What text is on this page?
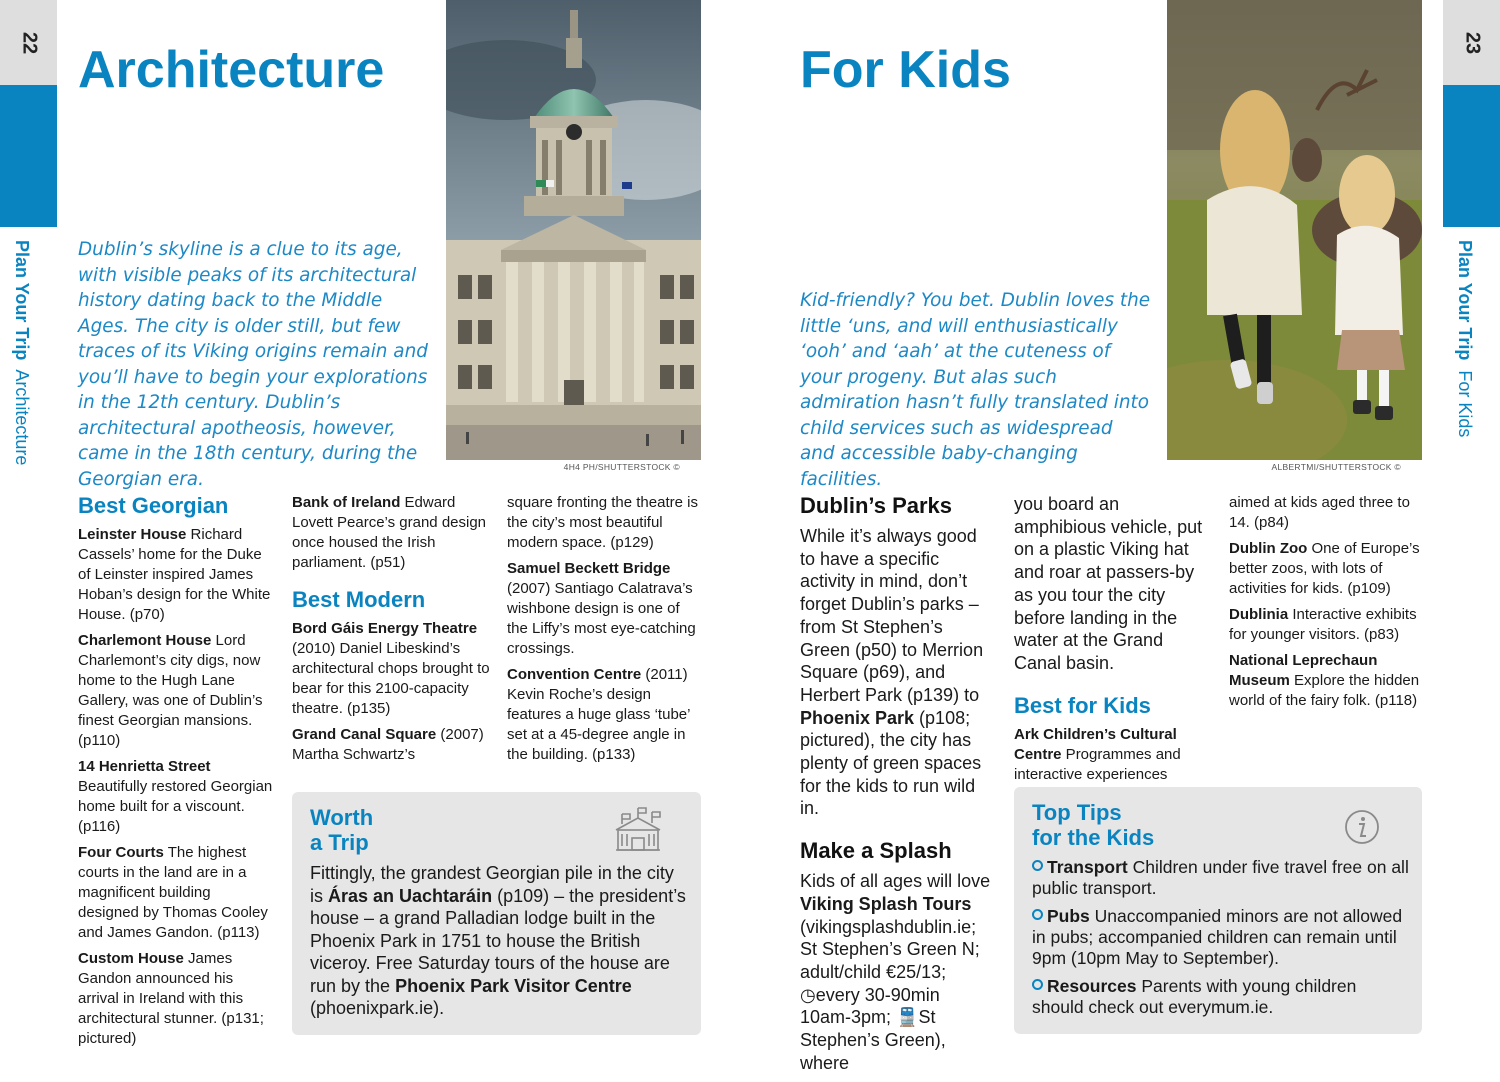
22
Plan Your Trip  Architecture
Architecture
Dublin’s skyline is a clue to its age, with visible peaks of its architectural history dating back to the Middle Ages. The city is older still, but few traces of its Viking origins remain and you’ll have to begin your explorations in the 12th century. Dublin’s architectural apotheosis, however, came in the 18th century, during the Georgian era.
4H4 PH/SHUTTERSTOCK ©
Best Georgian

Leinster House Richard Cassels’ home for the Duke of Leinster inspired James Hoban’s design for the White House. (p70)

Charlemont House Lord Charlemont’s city digs, now home to the Hugh Lane Gallery, was one of Dublin’s finest Georgian mansions. (p110)

14 Henrietta Street Beautifully restored Georgian home built for a viscount. (p116)

Four Courts The highest courts in the land are in a magnificent building designed by Thomas Cooley and James Gandon. (p113)

Custom House James Gandon announced his arrival in Ireland with this architectural stunner. (p131; pictured)

Bank of Ireland Edward Lovett Pearce’s grand design once housed the Irish parliament. (p51)

Best Modern

Bord Gáis Energy Theatre (2010) Daniel Libeskind’s architectural chops brought to bear for this 2100-capacity theatre. (p135)

Grand Canal Square (2007) Martha Schwartz’s

square fronting the theatre is the city’s most beautiful modern space. (p129)

Samuel Beckett Bridge (2007) Santiago Calatrava’s wishbone design is one of the Liffy’s most eye-catching crossings.

Convention Centre (2011) Kevin Roche’s design features a huge glass ‘tube’ set at a 45-degree angle in the building. (p133)

Worth
a Trip
Fittingly, the grandest Georgian pile in the city is Áras an Uachtaráin (p109) – the president’s house – a grand Palladian lodge built in the Phoenix Park in 1751 to house the British viceroy. Free Saturday tours of the house are run by the Phoenix Park Visitor Centre (phoenixpark.ie).
23
Plan Your Trip  For Kids
For Kids
Kid-friendly? You bet. Dublin loves the little ‘uns, and will enthusiastically ‘ooh’ and ‘aah’ at the cuteness of your progeny. But alas such admiration hasn’t fully translated into child services such as widespread and accessible baby-changing facilities.
ALBERTMI/SHUTTERSTOCK ©
Dublin’s Parks

While it’s always good to have a specific activity in mind, don’t forget Dublin’s parks – from St Stephen’s Green (p50) to Merrion Square (p69), and Herbert Park (p139) to Phoenix Park (p108; pictured), the city has plenty of green spaces for the kids to run wild in.

Make a Splash

Kids of all ages will love Viking Splash Tours (vikingsplashdublin.ie; St Stephen’s Green N; adult/child €25/13; ◷every 30-90min 10am-3pm; 🚆St Stephen’s Green), where

you board an amphibious vehicle, put on a plastic Viking hat and roar at passers-by as you tour the city before landing in the water at the Grand Canal basin.
Best for Kids

Ark Children’s Cultural Centre Programmes and interactive experiences

aimed at kids aged three to 14. (p84)

Dublin Zoo One of Europe’s better zoos, with lots of activities for kids. (p109)

Dublinia Interactive exhibits for younger visitors. (p83)

National Leprechaun Museum Explore the hidden world of the fairy folk. (p118)

Top Tips
for the Kids
Transport Children under five travel free on all public transport.
Pubs Unaccompanied minors are not allowed in pubs; accompanied children can remain until 9pm (10pm May to September).
Resources Parents with young children should check out everymum.ie.
